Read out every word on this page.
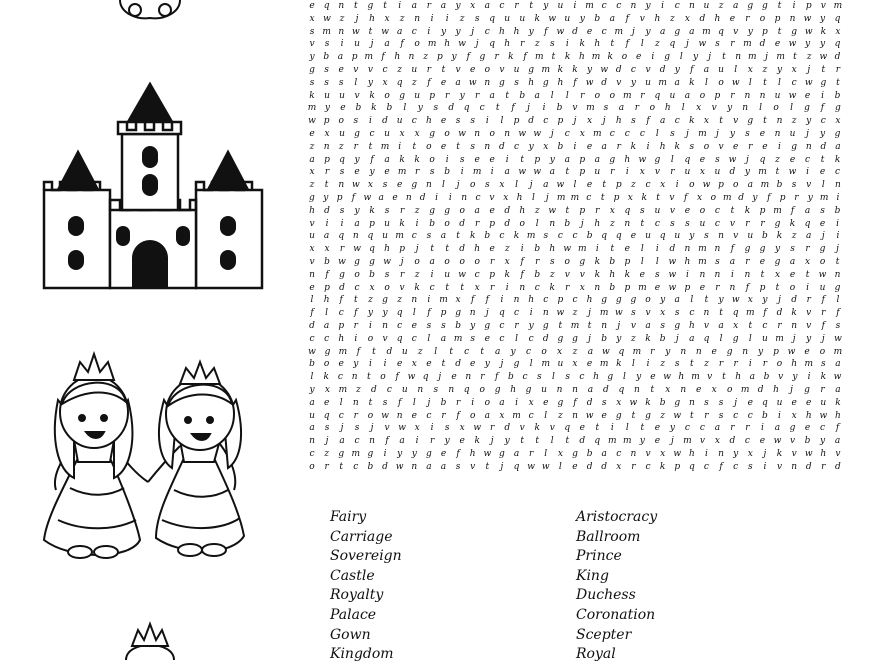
e	q n	t	g	t	i	a	r	a	y	x	a	c	r	t	y	u	i m c	c	n	y	i	c	n u	z	a	g g	t	i	p	v m
x w z	j	h	x	z	n	i	i	z	s	q	u	u	k w u	y	b	a	f	v	h	z	x	d	h	e	r	o	p	n w y	q
s m n w t w a	c	i	y	y	j	c	h h	y	f	w d	e	c m j	y	a	g	a m q	v	y	p	t	g w k	x
v	s	i	u	j	a	f	o m h w	j	q	h	r	z	s	i	k	h	t	f	l	z	q	j	w s	r m d	e w y	y	q
y b a p m f	h n z p y	f	g	r	k	f m t	k h m k o e	i	g	l	y	j	t	n m j m t	z w d
g	s	e	v	v	c	z	u	r	t	v	e	o	v	u g m k	k	y w d	c	v	d	y	f	a	u	l	x	z	y	x	j	t	r
s	s	s	l	y	x	q	z	f	e	a w n g	s	h g h	f	w d	v	y	u m a	k	l	o w	l	t	l	c w g	t
k	u	u	v	k	o	g	u	p	r	y	r	a	t	b	a	l	l	r	o	o m r	q	u	a	o	p	r	n	n	u w e	i	b
m y	e	b	k	b	l	y	s	d	q	c	t	f	j	i	b	v m s	a	r	o	h	l	x	v	y	n	l	o	l	g	f	g
w p	o	s	i	d u	c	h	e	s	s	i	l	p d	c	p	j	x	j	h	s	f	a	c	k	x	t	v	g	t	n	z	y	c	x
e	x	u	g	c	u	x	x	g	o w n	o	n w w	j	c	x m c	c	c	l	s	j	m	j	y	s	e	n	u	j	y	g
z	n	z	r	t m i	t	o	e	t	s	n d	c	y	x	b	i	e	a	r	k	i	h k	s	o	v	e	r	e	i	g n d	a
a	p	q	y	f	a	k	k	o	i	s	e	e	i	t	p	y	a	p	a	g	h w g	l	q	e	s w	j	q	z	e	c	t	k
x	r	s	e	y	e m r	s	b	i	m	i	a w w a	t	p	u	r	i	x	v	r	u	x	u	d	y m t	w	i	e	c
z	t	n w x	s	e	g n	l	j	o	s	x	l	j	a w	l	e	t	p	z	c	x	i	o w p	o	a m b	s	v	l	n
g y p	f w a e n d	i	i	n c v x h	l	j m m c	t	p x k	t	v	f	x o m d y	f	p r	y m i
h	d	s	y	k	s	r	z	g	g	o	a	e	d	h	z w	t	p	r	x	q	s	u	v	e	o	c	t	k	p m	f	a	s	b
v	i	i	a	p	u	k	i	b	o	d	r	p	d	o	l	n	b	j	h	z	n	t	c	s	s	u	c	v	r	r	g	k	q	e	i
u	a	q n q u m c	s	a	t	k b	c	k m s	c	c	b q q	e	u q u	y	s	n	v	u b	k	z	a	j	i
x	x	r	w q	h	p	j	t	t	d	h	e	z	i	b	h w m	i	t	e	l	i	d	n m n	f	g	g	y	s	r	g	j
v	b w g	g w	j	o	a	o	o	o	r	x	f	r	s	o	g	k	b	p	l	l	w h m s	a	r	e	g	a	x	o	t
n	f	g	o	b	s	r	z	i	u w c	p	k	f	b	z	v	v	k	h	k	e	s w	i	n	n	i	n	t	x	e	t	w n
e	p	d	c	x	o	v	k	c	t	t	x	r	i	n	c	k	r	x	n	b	p m e w p	e	r	n	f	p	t	o	i	u	g
l	h	f	t	z	g	z	n	i m x	f	f	i	n h	c	p	c	h g g g	o	y	a	l	t	y w x	y	j	d	r	f	l
f	l	c	f	y	y	q	l	f	p g n	j	q	c	i	n w z	j m w s	v	x	s	c	n	t	q m f	d	k	v	r	f
d	a	p	r	i	n	c	e	s	s	b	y	g	c	r	y	g	t m t	n	j	v	a	s	g h	v	a	x	t	c	r	n	v	f	s
c	c	h	i	o	v	q	c	l	a m s	e	c	l	c	d g g	j	b	y	z	k b	j	a	q	l	g	l	u m j	y	j	w
w g m	f	t	d	u	z	l	t	c	t	a	y	c	o	x	z	a w q m	r	y	n	n	e	g	n	y	p w e	o m
b	o	e	y	i	i	e	x	e	t	d	e	y	j	g	l m u	x	e m k	l	i	z	s	t	z	r	r	i	r	o	h m s	a
l	k c n	t	o	f w q	j	e n	r	f	b c	s	l	s	c h g	l	y e w h m v	t	h a b v	y	i	k w
y	x m z	d	c	u	n	s	n	q	o	g	h	g	u	n	n	a	d	q	n	t	x	n	e	x	o m d	h	j	g	r	a
a	e	l	n	t	s	f	l	j	b	r	i	o	a	i	x	e	g	f	d	s	x w k b g n	s	s	j	e	q u	e	e	u k
u q	c	r	o w n	e	c	r	f	o	a	x m c	l	z	n w e	g	t	g	z w t	r	s	c	c	b	i	x	h w h
a	s	j	s	j	v w x	i	s	x w	r	d	v	k	v	q	e	t	i	l	t	e	y	c	c	a	r	r	i	a	g	e	c	f
n	j	a	c	n	f	a	i	r	y	e	k	j	y	t	t	l	t	d	q m m y	e	j	m v	x	d	c	e w v	b	y	a
c	z	g m g	i	y	y	g	e	f	h w g	a	r	l	x	g b	a	c	n	v	x w h	i	n	y	x	j	k	v w h	v
o	r	t	c	b d w n	a	a	s	v	t	j	q w w	l	e	d d	x	r	c	k p q	c	f	c	s	i	v	n d	r	d
Fairy
Carriage
Sovereign
Castle
Royalty
Palace
Gown
Kingdom
Aristocracy
Ballroom
Prince
King
Duchess
Coronation
Scepter
Royal
